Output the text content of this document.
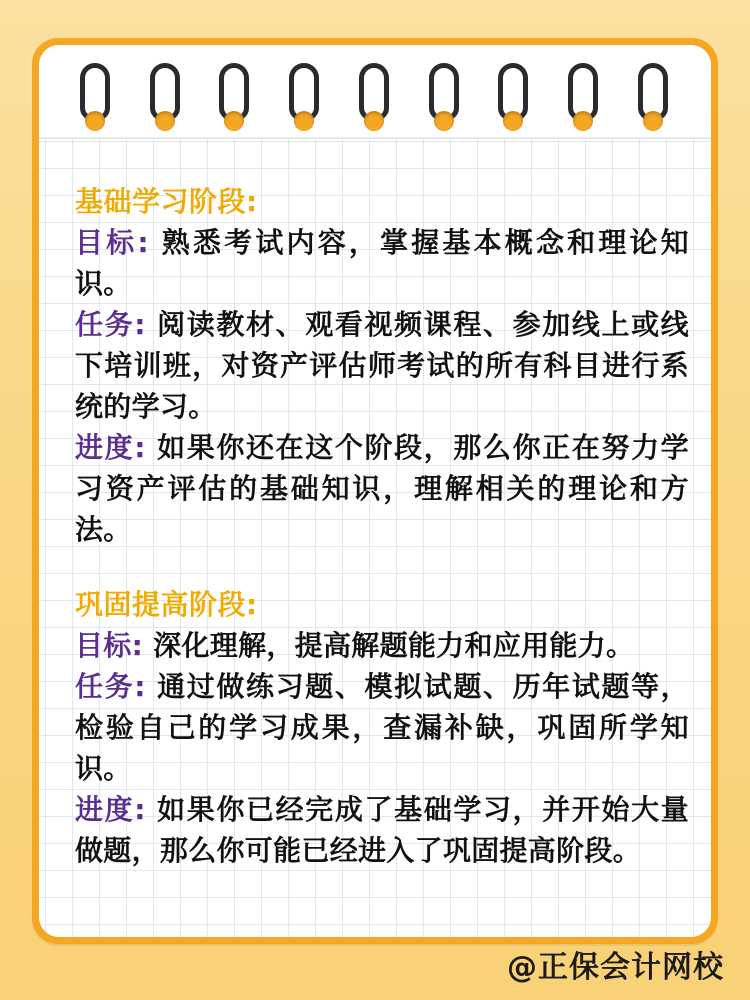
基础学习阶段:
目标: 熟悉考试内容，掌握基本概念和理论知识。
任务: 阅读教材、观看视频课程、参加线上或线下培训班，对资产评估师考试的所有科目进行系统的学习。
进度: 如果你还在这个阶段，那么你正在努力学习资产评估的基础知识，理解相关的理论和方法。
巩固提高阶段:
目标: 深化理解，提高解题能力和应用能力。
任务: 通过做练习题、模拟试题、历年试题等，检验自己的学习成果，查漏补缺，巩固所学知识。
进度: 如果你已经完成了基础学习，并开始大量做题，那么你可能已经进入了巩固提高阶段。
@正保会计网校
